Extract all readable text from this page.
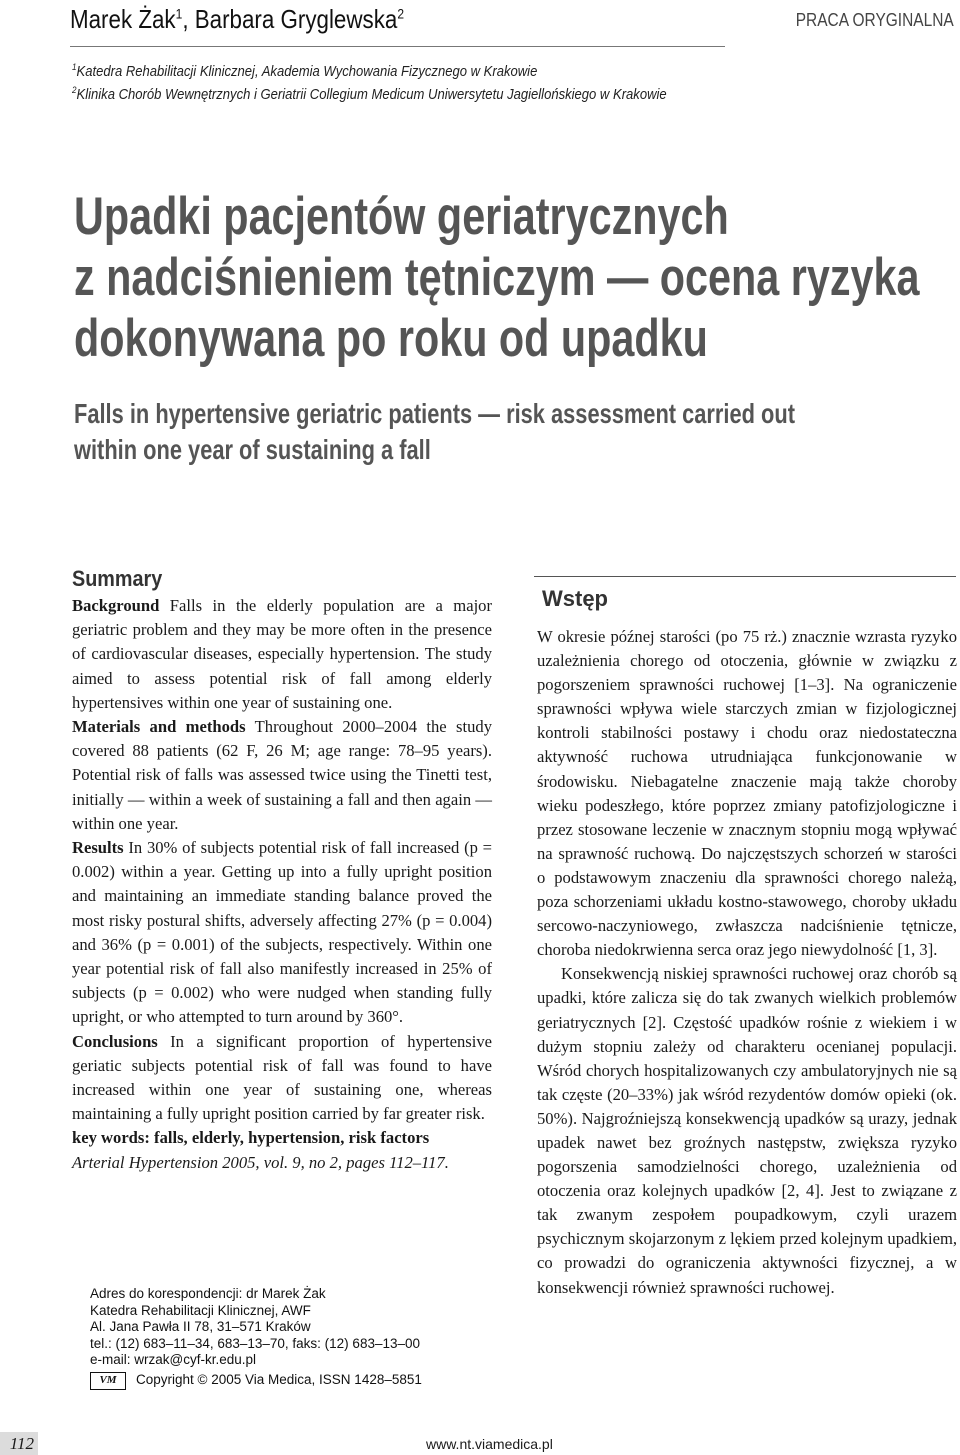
Marek Żak$^1$, Barbara Gryglewska$^2$	PRACA ORYGINALNA
$^1$Katedra Rehabilitacji Klinicznej, Akademia Wychowania Fizycznego w Krakowie
$^2$Klinika Chorób Wewnętrznych i Geriatrii Collegium Medicum Uniwersytetu Jagiellońskiego w Krakowie
Upadki pacjentów geriatrycznych
z nadciśnieniem tętniczym — ocena ryzyka
dokonywana po roku od upadku
Falls in hypertensive geriatric patients — risk assessment carried out
within one year of sustaining a fall
Summary

Background Falls in the elderly population are a major geriatric problem and they may be more often in the presence of cardiovascular diseases, especially hypertension. The study aimed to assess potential risk of fall among elderly hypertensives within one year of sustaining one.

Materials and methods Throughout 2000–2004 the study covered 88 patients (62 F, 26 M; age range: 78–95 years). Potential risk of falls was assessed twice using the Tinetti test, initially — within a week of sustaining a fall and then again — within one year.

Results In 30% of subjects potential risk of fall increased (p = 0.002) within a year. Getting up into a fully upright position and maintaining an immediate standing balance proved the most risky postural shifts, adversely affecting 27% (p = 0.004) and 36% (p = 0.001) of the subjects, respectively. Within one year potential risk of fall also manifestly increased in 25% of subjects (p = 0.002) who were nudged when standing fully upright, or who attempted to turn around by 360°.

Conclusions In a significant proportion of hypertensive geriatic subjects potential risk of fall was found to have increased within one year of sustaining one, whereas maintaining a fully upright position carried by far greater risk.

key words: falls, elderly, hypertension, risk factors

Arterial Hypertension 2005, vol. 9, no 2, pages 112–117.

Adres do korespondencji: dr Marek Żak
Katedra Rehabilitacji Klinicznej, AWF
Al. Jana Pawła II 78, 31–571 Kraków
tel.: (12) 683–11–34, 683–13–70, faks: (12) 683–13–00
e-mail: wrzak@cyf-kr.edu.pl
VM	Copyright © 2005 Via Medica, ISSN 1428–5851
Wstęp

W okresie późnej starości (po 75 rż.) znacznie wzrasta ryzyko uzależnienia chorego od otoczenia, głównie w związku z pogorszeniem sprawności ruchowej [1–3]. Na ograniczenie sprawności wpływa wiele starczych zmian w fizjologicznej kontroli stabilności postawy i chodu oraz niedostateczna aktywność ruchowa utrudniająca funkcjonowanie w środowisku. Niebagatelne znaczenie mają także choroby wieku podeszłego, które poprzez zmiany patofizjologiczne i przez stosowane leczenie w znacznym stopniu mogą wpływać na sprawność ruchową. Do najczęstszych schorzeń w starości o podstawowym znaczeniu dla sprawności chorego należą, poza schorzeniami układu kostno-stawowego, choroby układu sercowo-naczyniowego, zwłaszcza nadciśnienie tętnicze, choroba niedokrwienna serca oraz jego niewydolność [1, 3].

Konsekwencją niskiej sprawności ruchowej oraz chorób są upadki, które zalicza się do tak zwanych wielkich problemów geriatrycznych [2]. Częstość upadków rośnie z wiekiem i w dużym stopniu zależy od charakteru ocenianej populacji. Wśród chorych hospitalizowanych czy ambulatoryjnych nie są tak częste (20–33%) jak wśród rezydentów domów opieki (ok. 50%). Najgroźniejszą konsekwencją upadków są urazy, jednak upadek nawet bez groźnych następstw, zwiększa ryzyko pogorszenia samodzielności chorego, uzależnienia od otoczenia oraz kolejnych upadków [2, 4]. Jest to związane z tak zwanym zespołem poupadkowym, czyli urazem psychicznym skojarzonym z lękiem przed kolejnym upadkiem, co prowadzi do ograniczenia aktywności fizycznej, a w konsekwencji również sprawności ruchowej.

112	www.nt.viamedica.pl
